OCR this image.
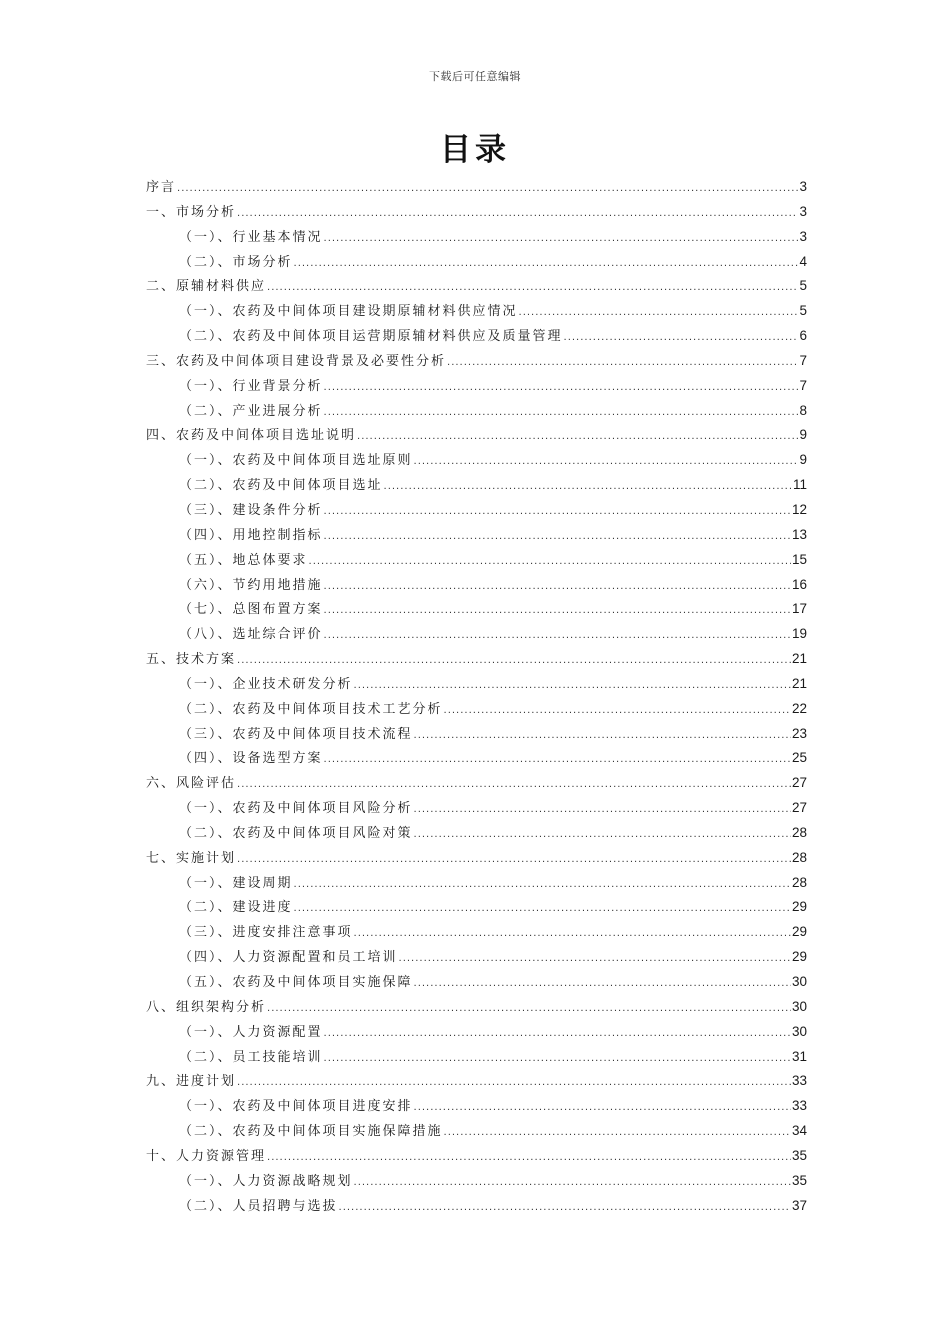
下载后可任意编辑
目录
序言 .....	3
一、市场分析 .....	3
（一）、行业基本情况 .....	3
（二）、市场分析 .....	4
二、原辅材料供应 .....	5
（一）、农药及中间体项目建设期原辅材料供应情况 .....	5
（二）、农药及中间体项目运营期原辅材料供应及质量管理 .....	6
三、农药及中间体项目建设背景及必要性分析 .....	7
（一）、行业背景分析 .....	7
（二）、产业进展分析 .....	8
四、农药及中间体项目选址说明 .....	9
（一）、农药及中间体项目选址原则 .....	9
（二）、农药及中间体项目选址 .....	11
（三）、建设条件分析 .....	12
（四）、用地控制指标 .....	13
（五）、地总体要求 .....	15
（六）、节约用地措施 .....	16
（七）、总图布置方案 .....	17
（八）、选址综合评价 .....	19
五、技术方案 .....	21
（一）、企业技术研发分析 .....	21
（二）、农药及中间体项目技术工艺分析 .....	22
（三）、农药及中间体项目技术流程 .....	23
（四）、设备选型方案 .....	25
六、风险评估 .....	27
（一）、农药及中间体项目风险分析 .....	27
（二）、农药及中间体项目风险对策 .....	28
七、实施计划 .....	28
（一）、建设周期 .....	28
（二）、建设进度 .....	29
（三）、进度安排注意事项 .....	29
（四）、人力资源配置和员工培训 .....	29
（五）、农药及中间体项目实施保障 .....	30
八、组织架构分析 .....	30
（一）、人力资源配置 .....	30
（二）、员工技能培训 .....	31
九、进度计划 .....	33
（一）、农药及中间体项目进度安排 .....	33
（二）、农药及中间体项目实施保障措施 .....	34
十、人力资源管理 .....	35
（一）、人力资源战略规划 .....	35
（二）、人员招聘与选拔 .....	37
